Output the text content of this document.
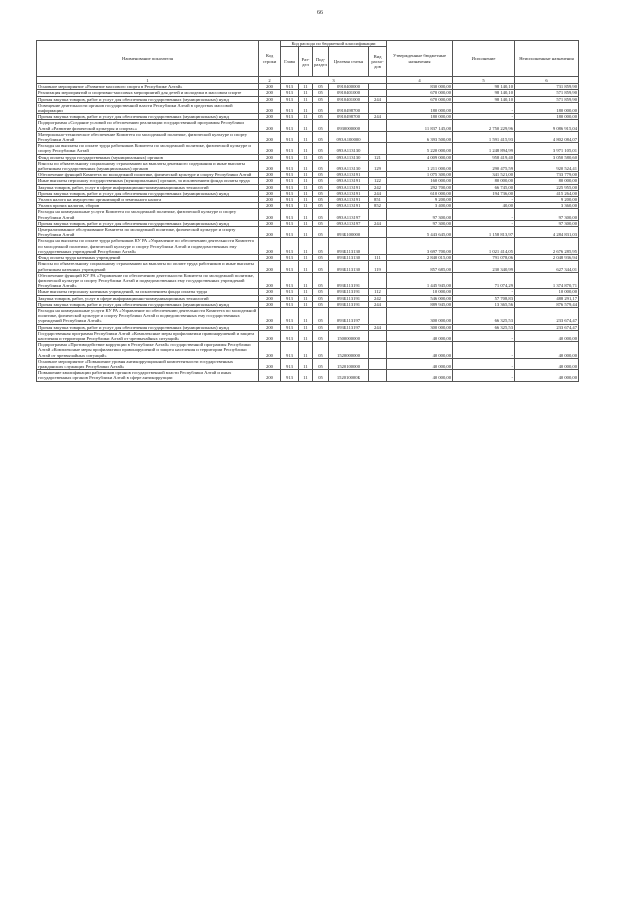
66
Наименование показателя	Код строки	Код расхода по бюджетной классификации					Утвержденные бюджетные назначения	Исполнение	Неисполненные назначения
		Глава	Раз-дел	Под-раздел	Целевая статья	Вид расхо-дов			
1	2	3					4	5	6
Основное мероприятие «Развитие массового спорта в Республике Алтай»	200	913	11	05	0910400000		830 000,00	98 140,10	731 859,90
Реализация мероприятий и спортивно-массовых мероприятий для детей и молодежи в массовом спорте	200	913	11	05	0910401000		670 000,00	98 140,10	571 859,90
Прочая закупка товаров, работ и услуг для обеспечения государственных (муниципальных) нужд	200	913	11	05	0910401000	244	670 000,00	98 140,10	571 859,90
Освещение деятельности органов государственной власти Республики Алтай в средствах массовой информации	200	913	11	05	0910498700		180 000,00	-	180 000,00
Прочая закупка товаров, работ и услуг для обеспечения государственных (муниципальных) нужд	200	913	11	05	0910498700	244	180 000,00	-	180 000,00
Подпрограмма «Создание условий по обеспечению реализации государственной программы Республики Алтай «Развитие физической культуры и спорта»»	200	913	11	05	0930000000		11 837 145,00	2 750 229,96	9 086 915,04
Материально-техническое обеспечение Комитета по молодежной политике, физической культуре и спорту Республики Алтай	200	913	11	05	093A100000		6 393 500,00	1 591 415,93	4 802 084,07
Расходы на выплаты по оплате труда работников Комитета по молодежной политике, физической культуре и спорту Республики Алтай	200	913	11	05	093A113130		5 220 000,00	1 248 894,99	3 971 105,01
Фонд оплаты труда государственных (муниципальных) органов	200	913	11	05	093A113130	121	4 009 000,00	958 419,40	3 050 580,60
Взносы по обязательному социальному страхованию на выплаты денежного содержания и иные выплаты работникам государственных (муниципальных) органов	200	913	11	05	093A113130	129	1 211 000,00	290 475,59	920 524,41
Обеспечение функций Комитета по молодежной политике, физической культуре и спорту Республики Алтай	200	913	11	05	093A113191		1 075 300,00	341 521,00	733 779,00
Иные выплаты персоналу государственных (муниципальных) органов, за исключением фонда оплаты труда	200	913	11	05	093A113191	122	160 000,00	80 000,00	80 000,00
Закупка товаров, работ, услуг в сфере информационно-коммуникационных технологий	200	913	11	05	093A113191	242	292 700,00	66 745,00	225 955,00
Прочая закупка товаров, работ и услуг для обеспечения государственных (муниципальных) нужд	200	913	11	05	093A113191	244	610 000,00	194 736,00	415 264,00
Уплата налога на имущество организаций и земельного налога	200	913	11	05	093A113191	851	9 200,00	-	9 200,00
Уплата прочих налогов, сборов	200	913	11	05	093A113191	852	3 400,00	40,00	3 360,00
Расходы на коммунальные услуги Комитета по молодежной политике, физической культуре и спорту Республики Алтай	200	913	11	05	093A113197		97 300,00	-	97 300,00
Прочая закупка товаров, работ и услуг для обеспечения государственных (муниципальных) нужд	200	913	11	05	093A113197	244	97 300,00	-	97 300,00
Централизованное обслуживание Комитета по молодежной политике, физической культуре и спорту Республики Алтай	200	913	11	05	093Б100000		5 443 645,00	1 158 813,97	4 284 831,03
Расходы на выплаты по оплате труда работников КУ РА «Управление по обеспечению деятельности Комитета по молодежной политике, физической культуре и спорту Республики Алтай и подведомственных ему государственных учреждений Республики Алтай»	200	913	11	05	093Б113130		3 697 700,00	1 021 414,05	2 676 285,95
Фонд оплаты труда казенных учреждений	200	913	11	05	093Б113130	111	2 840 015,00	791 078,06	2 048 936,94
Взносы по обязательному социальному страхованию на выплаты по оплате труда работников и иные выплаты работникам казенных учреждений	200	913	11	05	093Б113130	119	857 685,00	230 340,99	627 344,01
Обеспечение функций КУ РА «Управление по обеспечению деятельности Комитета по молодежной политике, физической культуре и спорту Республики Алтай и подведомственных ему государственных учреждений Республики Алтай»	200	913	11	05	093Б113191		1 445 945,00	71 074,29	1 374 870,71
Иные выплаты персоналу казенных учреждений, за исключением фонда оплаты труда	200	913	11	05	093Б113191	112	10 000,00	-	10 000,00
Закупка товаров, работ, услуг в сфере информационно-коммуникационных технологий	200	913	11	05	093Б113191	242	546 000,00	57 708,83	488 291,17
Прочая закупка товаров, работ и услуг для обеспечения государственных (муниципальных) нужд	200	913	11	05	093Б113191	244	889 945,00	13 365,56	876 579,44
Расходы на коммунальные услуги КУ РА «Управление по обеспечению деятельности Комитета по молодежной политике, физической культуре и спорту Республики Алтай и подведомственных ему государственных учреждений Республики Алтай»	200	913	11	05	093Б113197		300 000,00	66 325,53	233 674,47
Прочая закупка товаров, работ и услуг для обеспечения государственных (муниципальных) нужд	200	913	11	05	093Б113197	244	300 000,00	66 325,53	233 674,47
Государственная программа Республики Алтай «Комплексные меры профилактики правонарушений и защита населения и территории Республики Алтай от чрезвычайных ситуаций»	200	913	11	05	1500000000		40 000,00	-	40 000,00
Подпрограмма «Противодействие коррупции в Республике Алтай» государственной программы Республики Алтай «Комплексные меры профилактики правонарушений и защита населения и территории Республики Алтай от чрезвычайных ситуаций»	200	913	11	05	1520000000		40 000,00	-	40 000,00
Основное мероприятие «Повышение уровня антикоррупционной компетентности государственных гражданских служащих Республики Алтай»	200	913	11	05	1520100000		40 000,00	-	40 000,00
Повышение квалификации работников органов государственной власти Республики Алтай и иных государственных органов Республики Алтай в сфере антикоррупции	200	913	11	05	152010000Б		40 000,00	-	40 000,00
